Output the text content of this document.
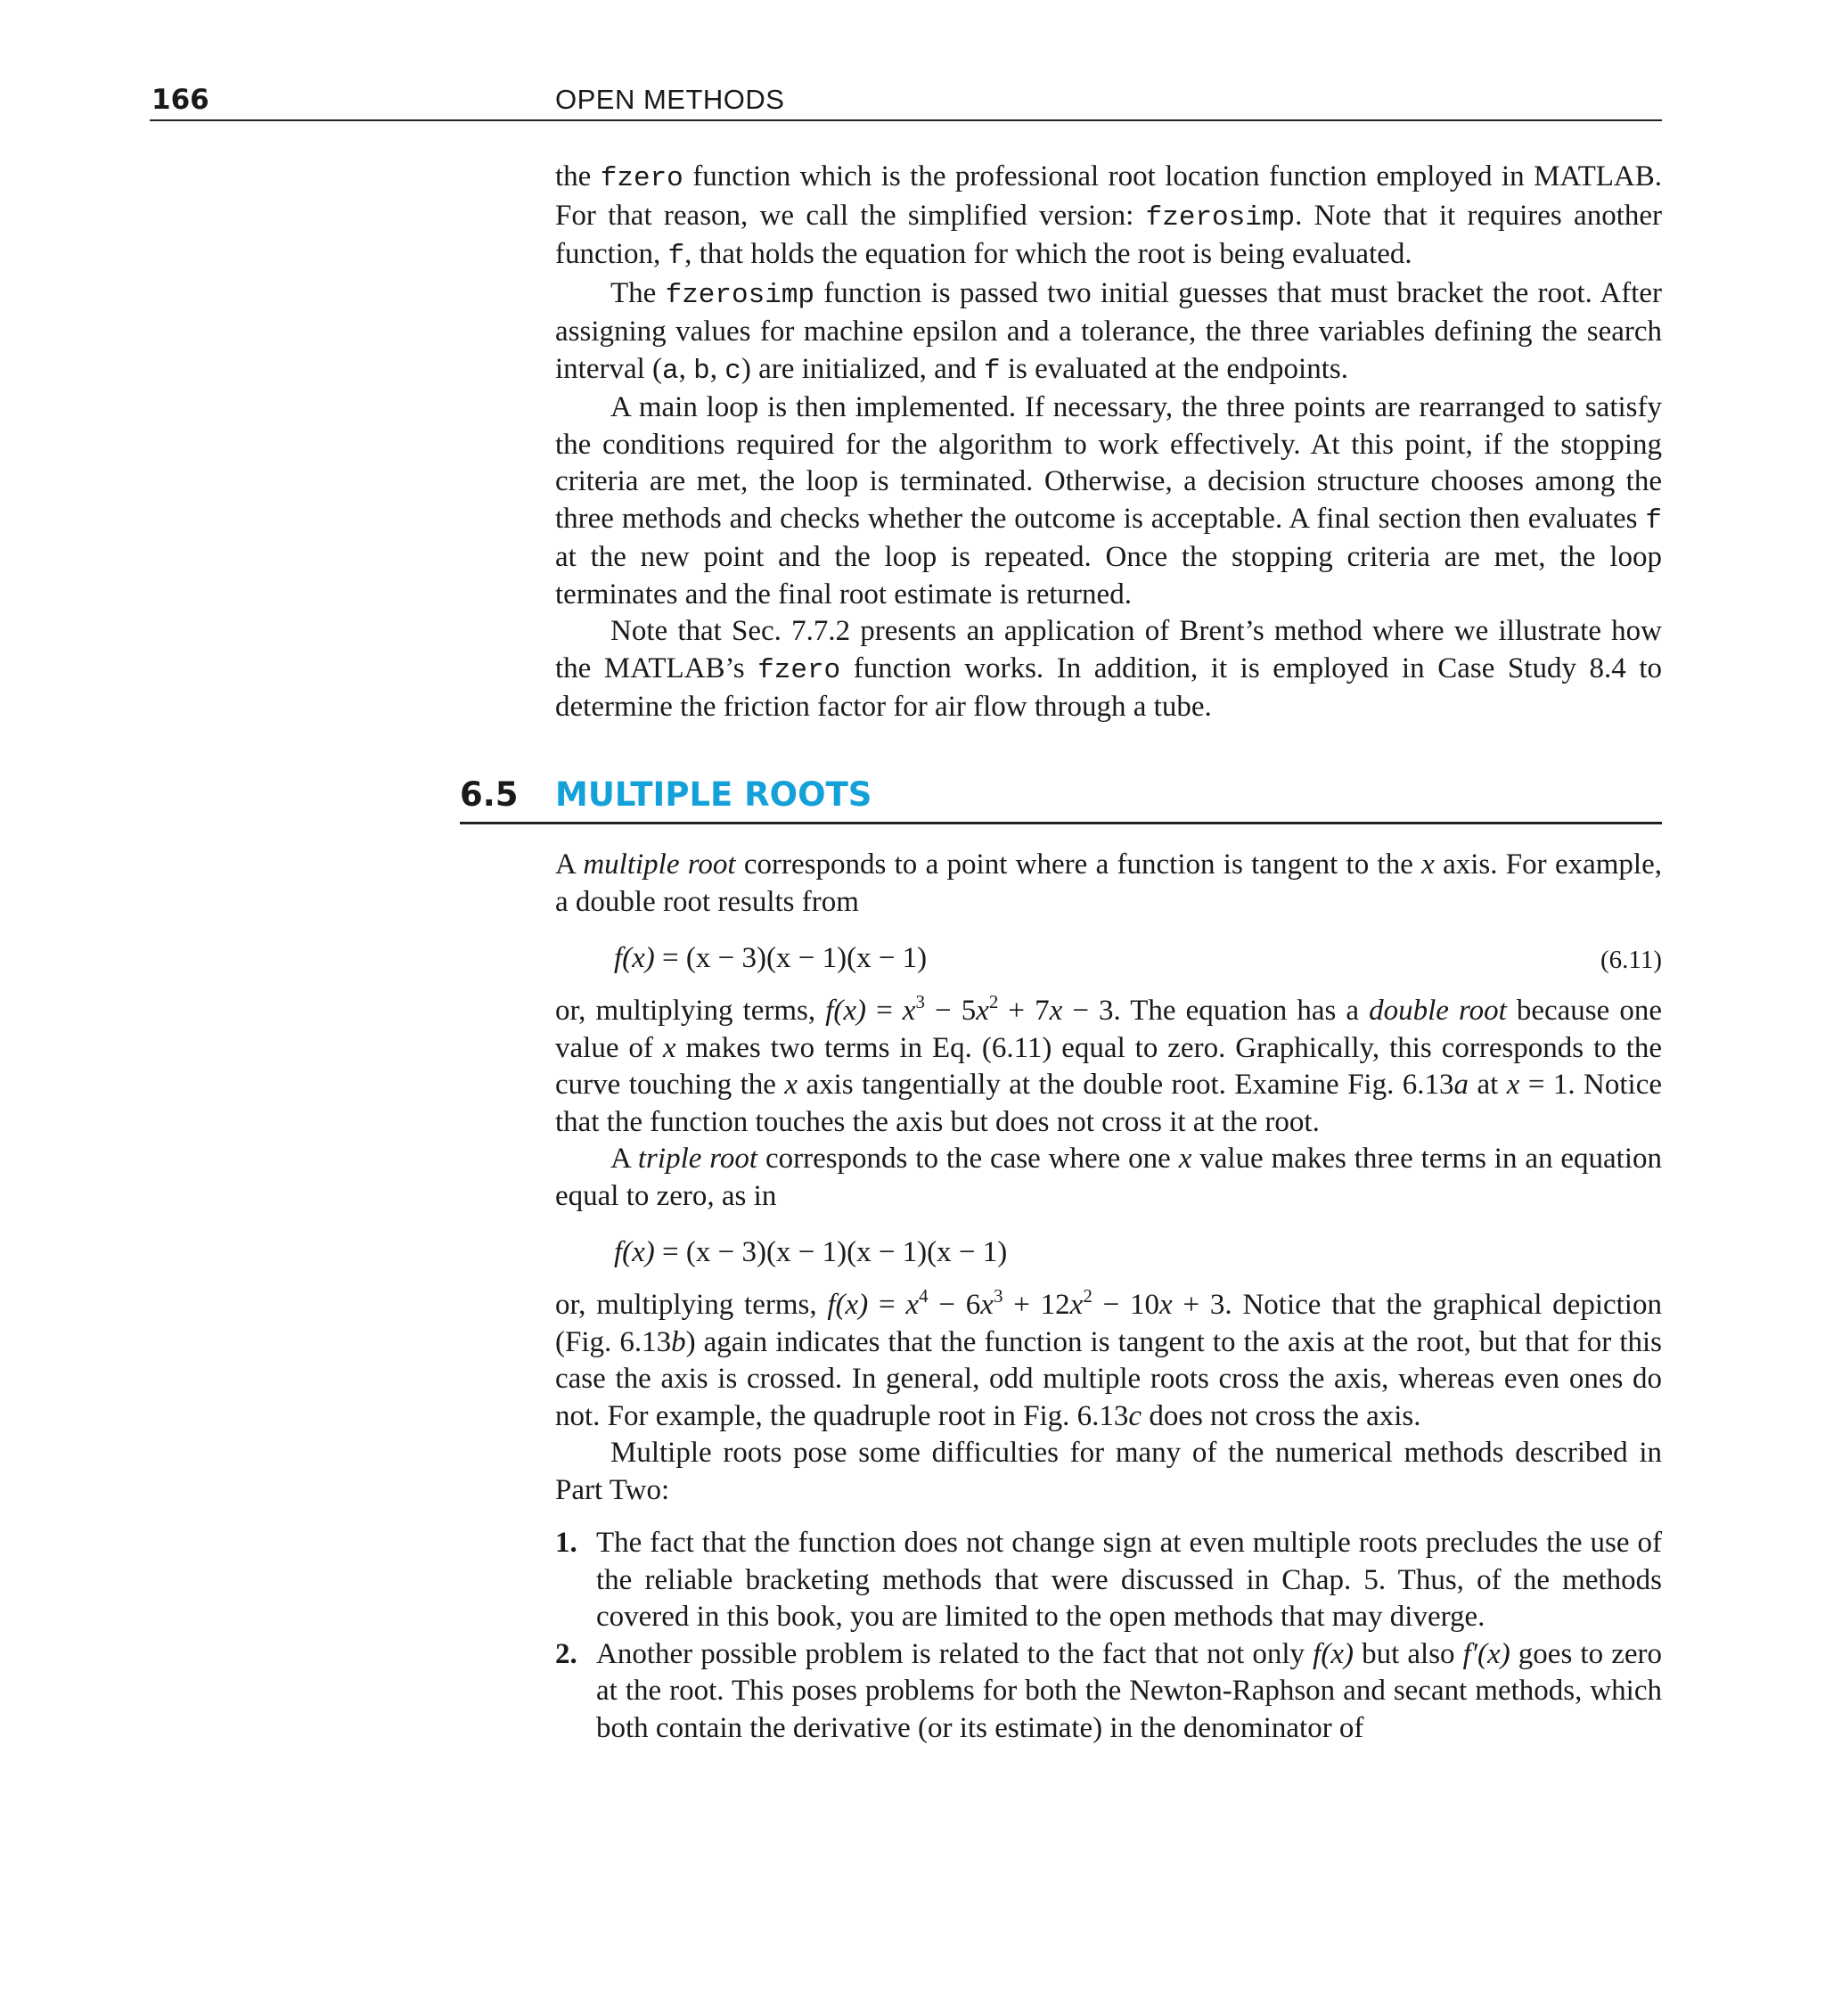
166	OPEN METHODS

the fzero function which is the professional root location function employed in MATLAB. For that reason, we call the simplified version: fzerosimp. Note that it requires another function, f, that holds the equation for which the root is being evaluated.

The fzerosimp function is passed two initial guesses that must bracket the root. After assigning values for machine epsilon and a tolerance, the three variables defining the search interval (a, b, c) are initialized, and f is evaluated at the endpoints.

A main loop is then implemented. If necessary, the three points are rearranged to satisfy the conditions required for the algorithm to work effectively. At this point, if the stopping criteria are met, the loop is terminated. Otherwise, a decision structure chooses among the three methods and checks whether the outcome is acceptable. A final section then evaluates f at the new point and the loop is repeated. Once the stopping criteria are met, the loop terminates and the final root estimate is returned.

Note that Sec. 7.7.2 presents an application of Brent’s method where we illustrate how the MATLAB’s fzero function works. In addition, it is employed in Case Study 8.4 to determine the friction factor for air flow through a tube.

6.5 MULTIPLE ROOTS

A multiple root corresponds to a point where a function is tangent to the x axis. For example, a double root results from

f(x) = (x − 3)(x − 1)(x − 1)	(6.11)

or, multiplying terms, $f(x) = x^3 - 5x^2 + 7x - 3$. The equation has a double root because one value of x makes two terms in Eq. (6.11) equal to zero. Graphically, this corresponds to the curve touching the x axis tangentially at the double root. Examine Fig. 6.13a at x = 1. Notice that the function touches the axis but does not cross it at the root.

A triple root corresponds to the case where one x value makes three terms in an equation equal to zero, as in

f(x) = (x − 3)(x − 1)(x − 1)(x − 1)

or, multiplying terms, $f(x) = x^4 - 6x^3 + 12x^2 - 10x + 3$. Notice that the graphical depiction (Fig. 6.13b) again indicates that the function is tangent to the axis at the root, but that for this case the axis is crossed. In general, odd multiple roots cross the axis, whereas even ones do not. For example, the quadruple root in Fig. 6.13c does not cross the axis.

Multiple roots pose some difficulties for many of the numerical methods described in Part Two:

1. The fact that the function does not change sign at even multiple roots precludes the use of the reliable bracketing methods that were discussed in Chap. 5. Thus, of the methods covered in this book, you are limited to the open methods that may diverge.
2. Another possible problem is related to the fact that not only f(x) but also f′(x) goes to zero at the root. This poses problems for both the Newton-Raphson and secant methods, which both contain the derivative (or its estimate) in the denominator of
